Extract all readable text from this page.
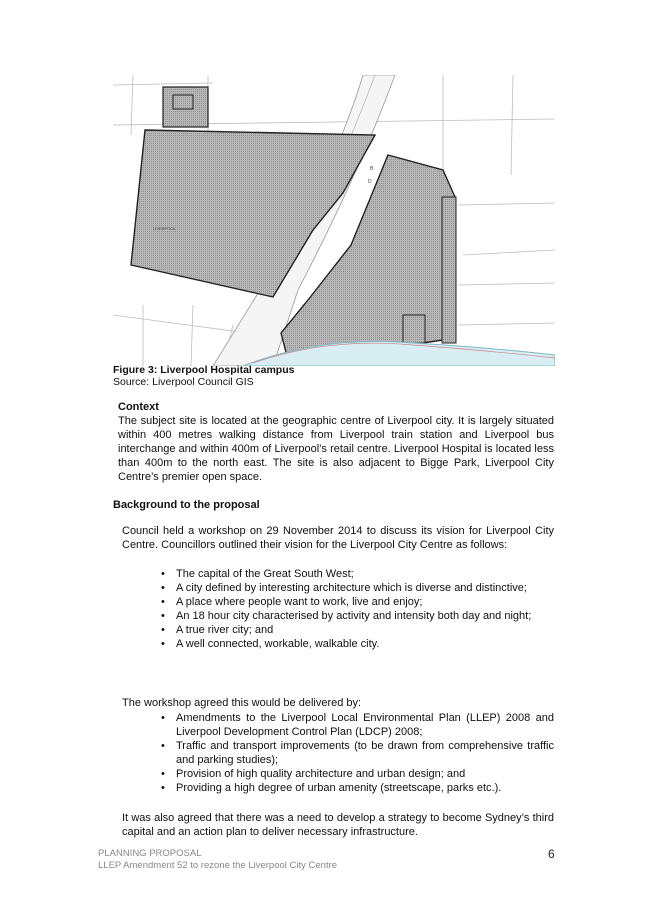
LIVERPOOL
B
D
Figure 3: Liverpool Hospital campus
Source: Liverpool Council GIS
Context
The subject site is located at the geographic centre of Liverpool city. It is largely situated within 400 metres walking distance from Liverpool train station and Liverpool bus interchange and within 400m of Liverpool’s retail centre. Liverpool Hospital is located less than 400m to the north east. The site is also adjacent to Bigge Park, Liverpool City Centre’s premier open space.
Background to the proposal
Council held a workshop on 29 November 2014 to discuss its vision for Liverpool City Centre. Councillors outlined their vision for the Liverpool City Centre as follows:
• The capital of the Great South West;
• A city defined by interesting architecture which is diverse and distinctive;
• A place where people want to work, live and enjoy;
• An 18 hour city characterised by activity and intensity both day and night;
• A true river city; and
• A well connected, workable, walkable city.
The workshop agreed this would be delivered by:
• Amendments to the Liverpool Local Environmental Plan (LLEP) 2008 and Liverpool Development Control Plan (LDCP) 2008;
• Traffic and transport improvements (to be drawn from comprehensive traffic and parking studies);
• Provision of high quality architecture and urban design; and
• Providing a high degree of urban amenity (streetscape, parks etc.).
It was also agreed that there was a need to develop a strategy to become Sydney’s third capital and an action plan to deliver necessary infrastructure.
PLANNING PROPOSAL
LLEP Amendment 52 to rezone the Liverpool City Centre
6
